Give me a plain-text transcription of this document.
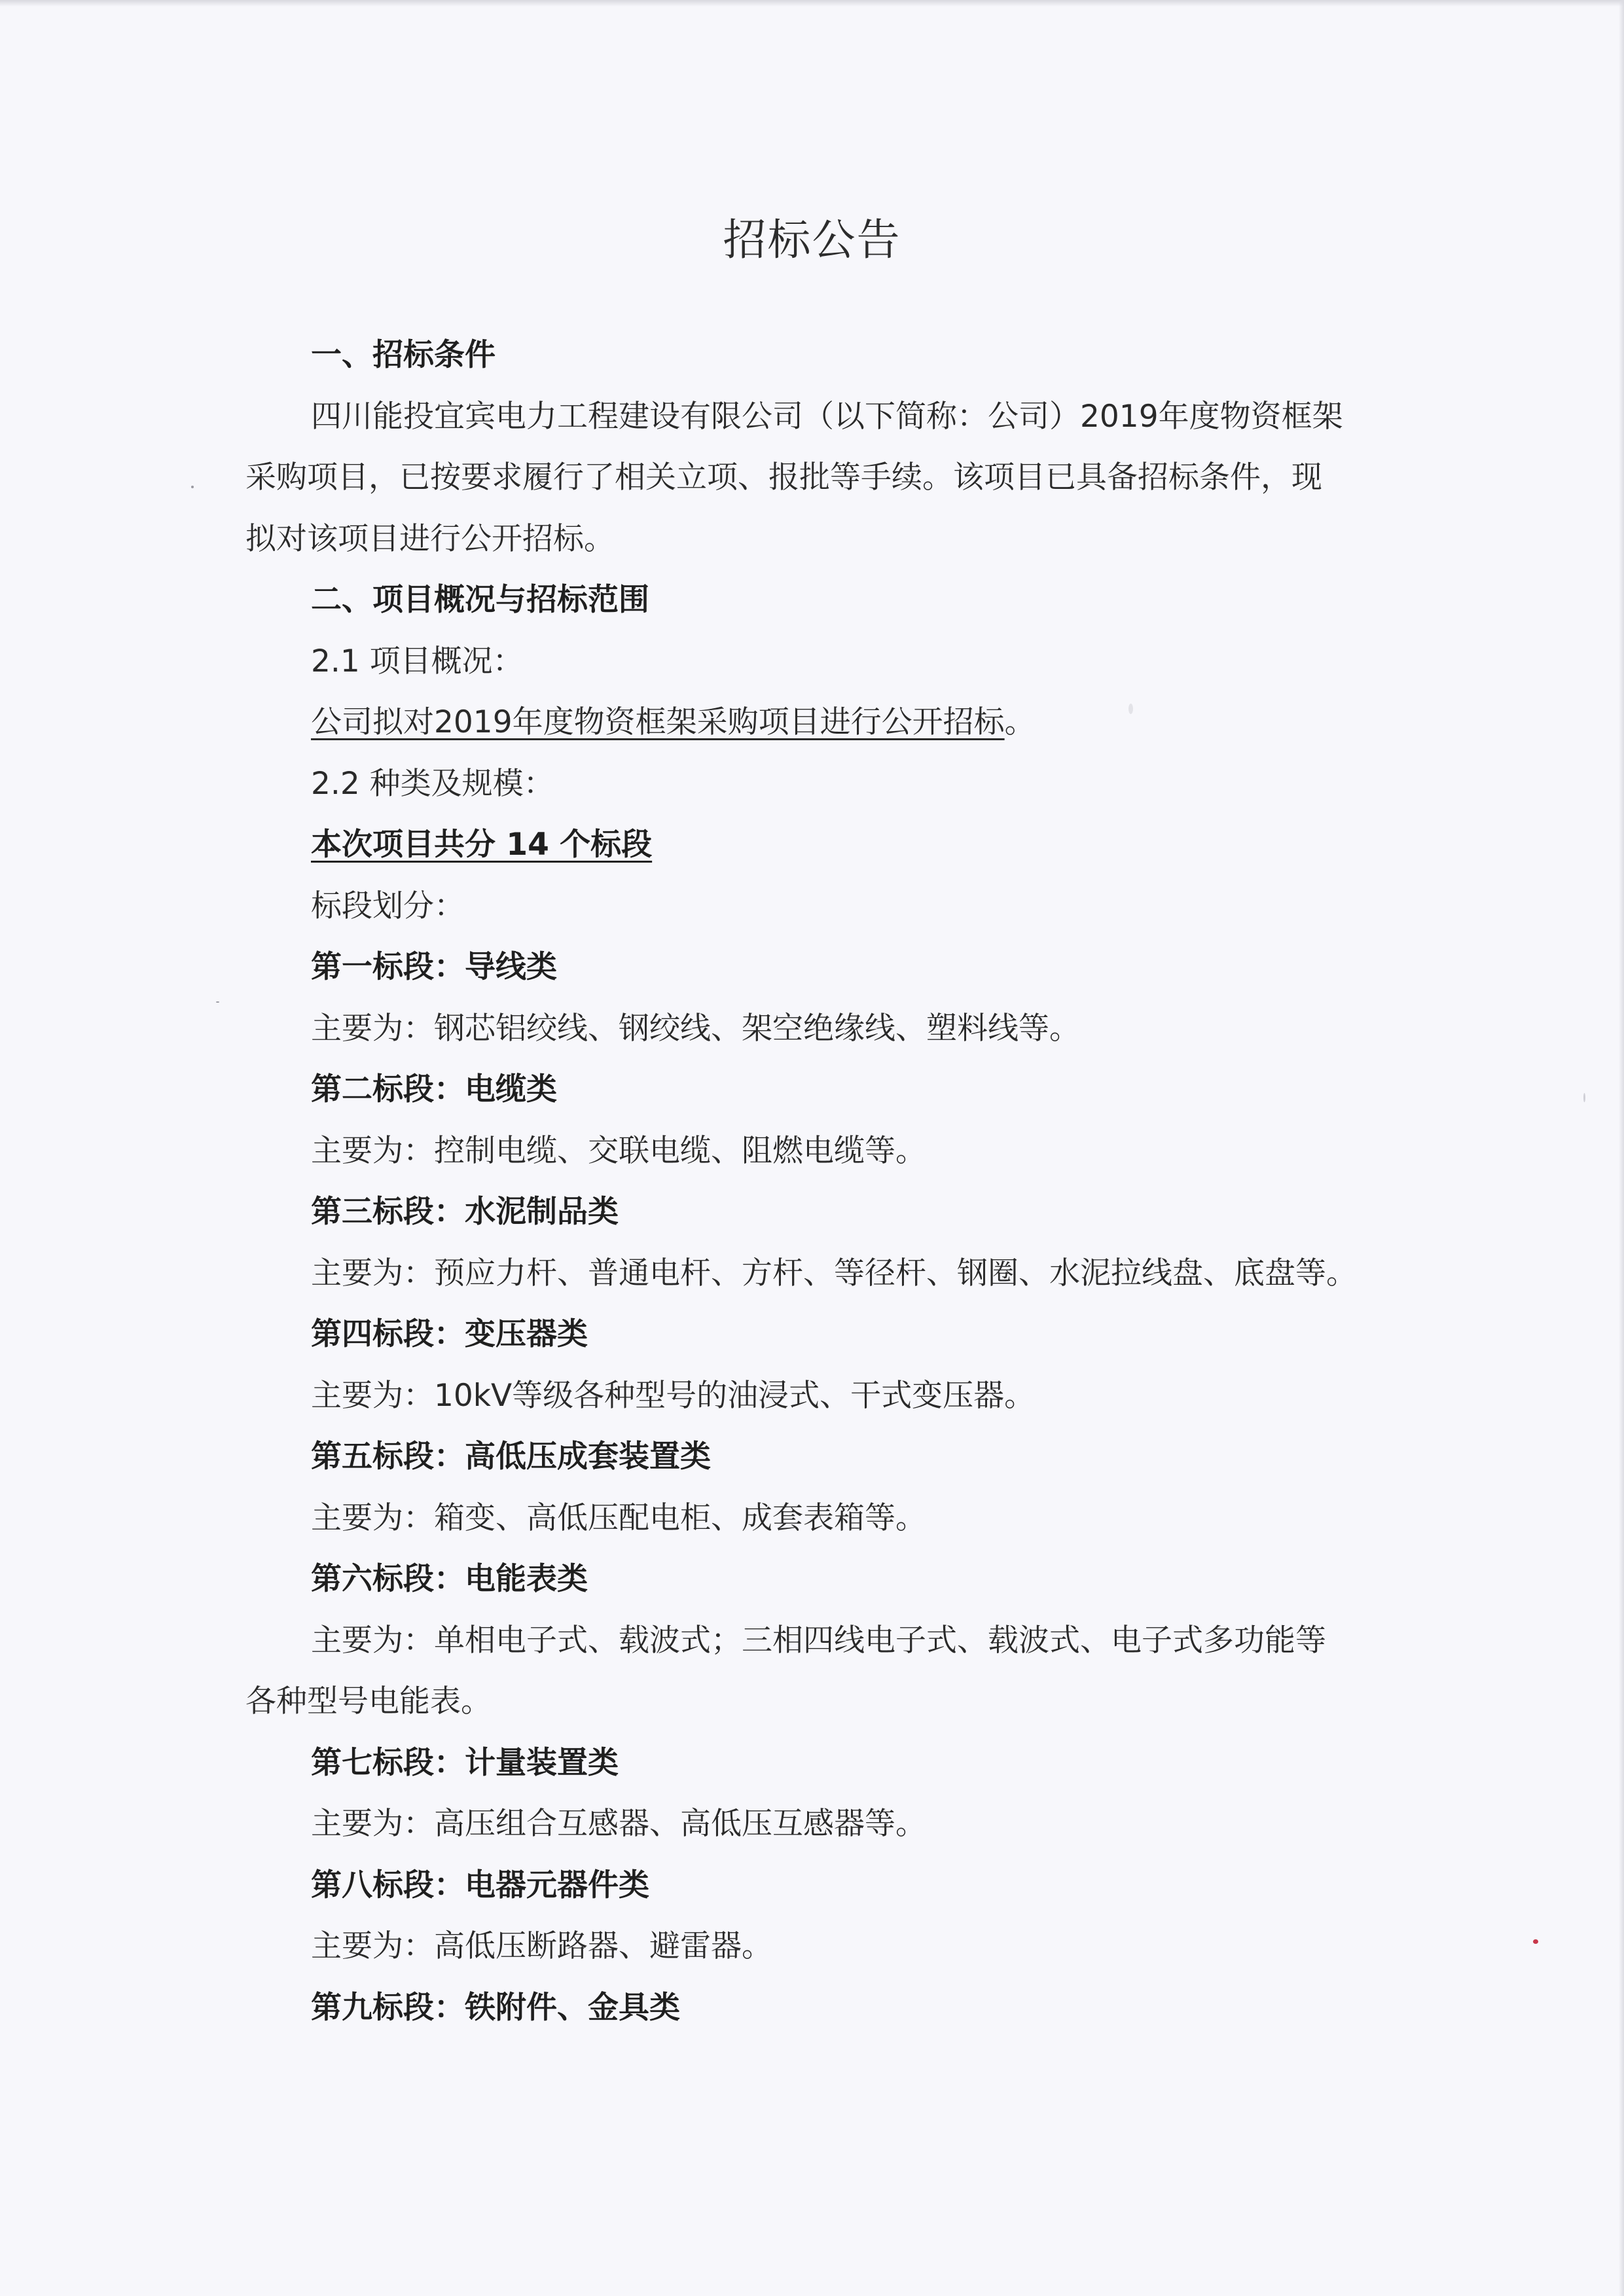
招标公告
一、招标条件
四川能投宜宾电力工程建设有限公司（以下简称：公司）2019年度物资框架
采购项目，已按要求履行了相关立项、报批等手续。该项目已具备招标条件，现
拟对该项目进行公开招标。
二、项目概况与招标范围
2.1 项目概况：
公司拟对2019年度物资框架采购项目进行公开招标。
2.2 种类及规模：
本次项目共分 14 个标段
标段划分：
第一标段：导线类
主要为：钢芯铝绞线、钢绞线、架空绝缘线、塑料线等。
第二标段：电缆类
主要为：控制电缆、交联电缆、阻燃电缆等。
第三标段：水泥制品类
主要为：预应力杆、普通电杆、方杆、等径杆、钢圈、水泥拉线盘、底盘等。
第四标段：变压器类
主要为：10kV等级各种型号的油浸式、干式变压器。
第五标段：高低压成套装置类
主要为：箱变、高低压配电柜、成套表箱等。
第六标段：电能表类
主要为：单相电子式、载波式；三相四线电子式、载波式、电子式多功能等
各种型号电能表。
第七标段：计量装置类
主要为：高压组合互感器、高低压互感器等。
第八标段：电器元器件类
主要为：高低压断路器、避雷器。
第九标段：铁附件、金具类
